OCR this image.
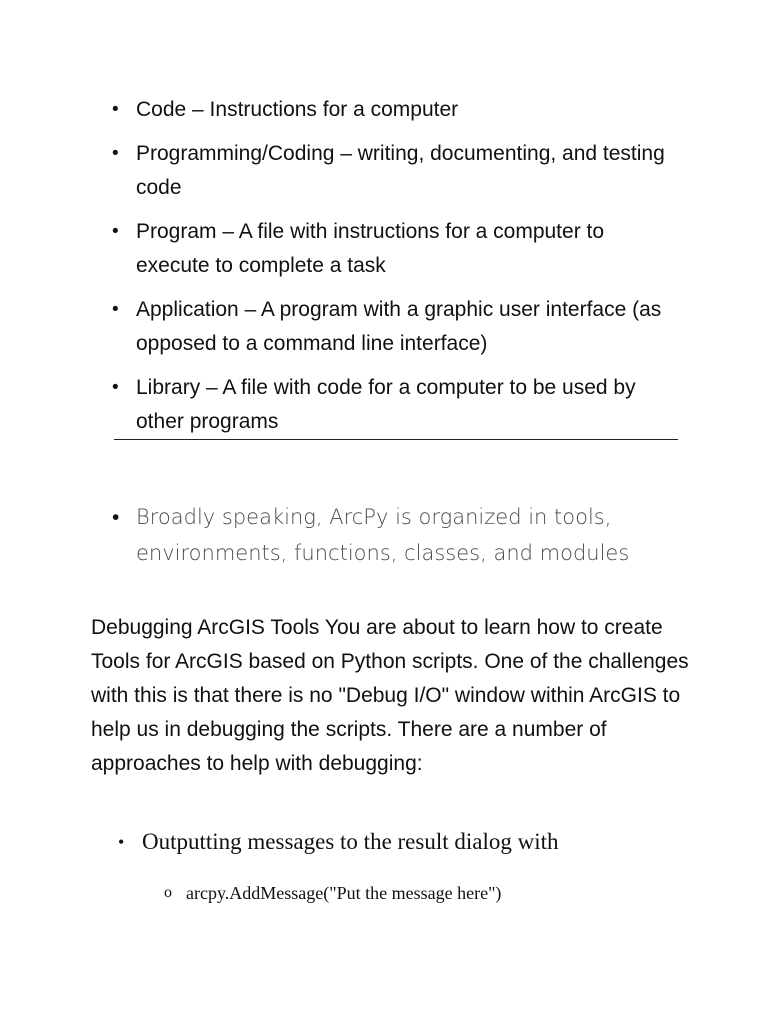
• Code – Instructions for a computer
• Programming/Coding – writing, documenting, and testing code
• Program – A file with instructions for a computer to execute to complete a task
• Application – A program with a graphic user interface (as opposed to a command line interface)
• Library – A file with code for a computer to be used by other programs
• Broadly speaking, ArcPy is organized in tools, environments, functions, classes, and modules

Debugging ArcGIS Tools You are about to learn how to create Tools for ArcGIS based on Python scripts. One of the challenges with this is that there is no "Debug I/O" window within ArcGIS to help us in debugging the scripts. There are a number of approaches to help with debugging:

• Outputting messages to the result dialog with
o arcpy.AddMessage("Put the message here")
